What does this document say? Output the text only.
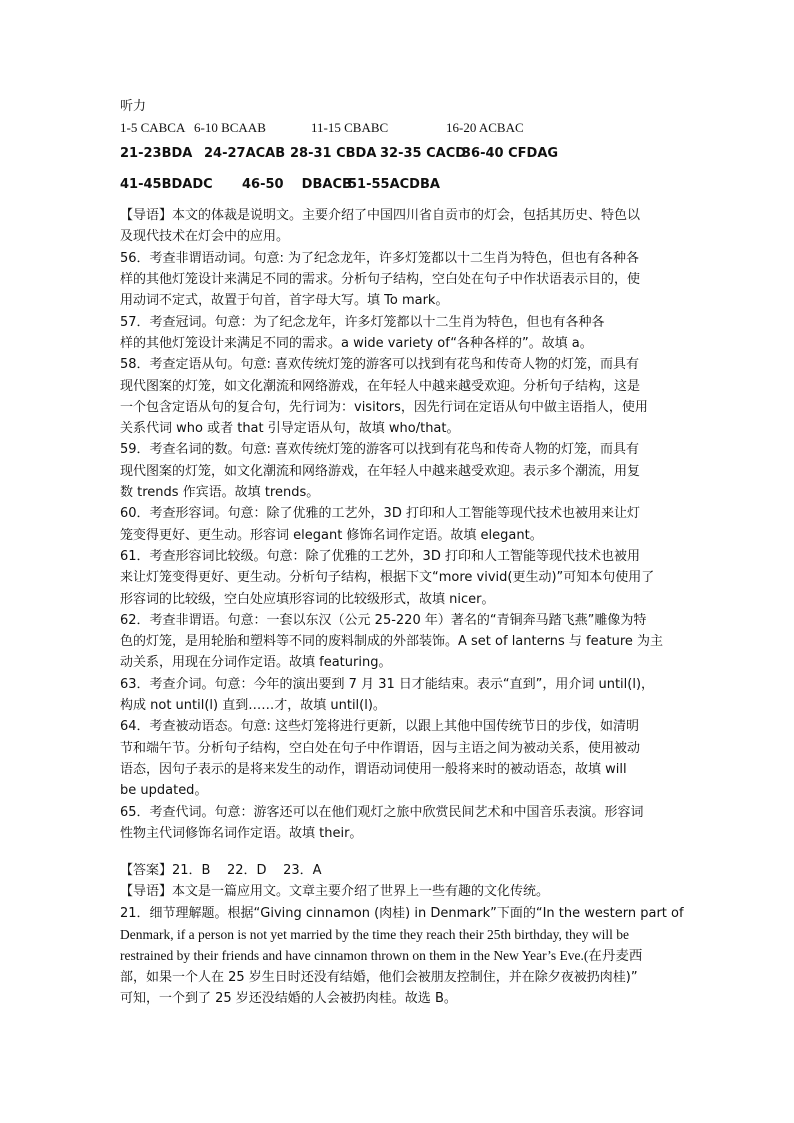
听力
1-5 CABCA 6-10 BCAAB	11-15 CBABC	16-20 ACBAC
21-23BDA 24-27ACAB 28-31 CBDA 32-35 CACD
36-40 CFDAG
41-45BDADC	46-50    DBACB
51-55ACDBA
【导语】本文的体裁是说明文。主要介绍了中国四川省自贡市的灯会，包括其历史、特色以
及现代技术在灯会中的应用。
56．考查非谓语动词。句意: 为了纪念龙年，许多灯笼都以十二生肖为特色，但也有各种各
样的其他灯笼设计来满足不同的需求。分析句子结构，空白处在句子中作状语表示目的，使
用动词不定式，故置于句首，首字母大写。填 To mark。
57．考查冠词。句意：为了纪念龙年，许多灯笼都以十二生肖为特色，但也有各种各
样的其他灯笼设计来满足不同的需求。a wide variety of“各种各样的”。故填 a。
58．考查定语从句。句意: 喜欢传统灯笼的游客可以找到有花鸟和传奇人物的灯笼，而具有
现代图案的灯笼，如文化潮流和网络游戏，在年轻人中越来越受欢迎。分析句子结构，这是
一个包含定语从句的复合句，先行词为：visitors，因先行词在定语从句中做主语指人，使用
关系代词 who 或者 that 引导定语从句，故填 who/that。
59．考查名词的数。句意: 喜欢传统灯笼的游客可以找到有花鸟和传奇人物的灯笼，而具有
现代图案的灯笼，如文化潮流和网络游戏，在年轻人中越来越受欢迎。表示多个潮流，用复
数 trends 作宾语。故填 trends。
60．考查形容词。句意：除了优雅的工艺外，3D 打印和人工智能等现代技术也被用来让灯
笼变得更好、更生动。形容词 elegant 修饰名词作定语。故填 elegant。
61．考查形容词比较级。句意：除了优雅的工艺外，3D 打印和人工智能等现代技术也被用
来让灯笼变得更好、更生动。分析句子结构，根据下文“more vivid(更生动)”可知本句使用了
形容词的比较级，空白处应填形容词的比较级形式，故填 nicer。
62．考查非谓语。句意：一套以东汉（公元 25-220 年）著名的“青铜奔马踏飞燕”雕像为特
色的灯笼，是用轮胎和塑料等不同的废料制成的外部装饰。A set of lanterns 与 feature 为主
动关系，用现在分词作定语。故填 featuring。
63．考查介词。句意：今年的演出要到 7 月 31 日才能结束。表示“直到”，用介词 until(l)，
构成 not until(l) 直到……才，故填 until(l)。
64．考查被动语态。句意: 这些灯笼将进行更新，以跟上其他中国传统节日的步伐，如清明
节和端午节。分析句子结构，空白处在句子中作谓语，因与主语之间为被动关系，使用被动
语态，因句子表示的是将来发生的动作，谓语动词使用一般将来时的被动语态，故填 will
be updated。
65．考查代词。句意：游客还可以在他们观灯之旅中欣赏民间艺术和中国音乐表演。形容词
性物主代词修饰名词作定语。故填 their。
【答案】21．B    22．D    23．A
【导语】本文是一篇应用文。文章主要介绍了世界上一些有趣的文化传统。
21．细节理解题。根据“Giving cinnamon (肉桂) in Denmark”下面的“In the western part of
Denmark, if a person is not yet married by the time they reach their 25th birthday, they will be
restrained by their friends and have cinnamon thrown on them in the New Year’s Eve.(在丹麦西
部，如果一个人在 25 岁生日时还没有结婚，他们会被朋友控制住，并在除夕夜被扔肉桂)”
可知，一个到了 25 岁还没结婚的人会被扔肉桂。故选 B。
